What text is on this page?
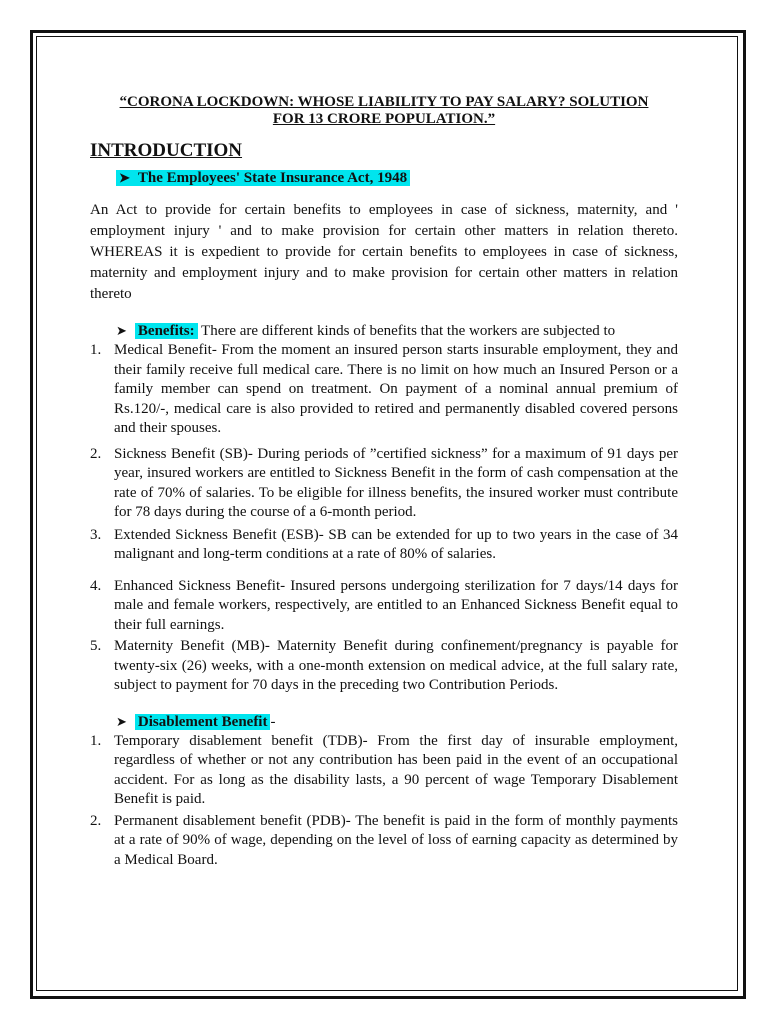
“CORONA LOCKDOWN: WHOSE LIABILITY TO PAY SALARY? SOLUTION
FOR 13 CRORE POPULATION.”

INTRODUCTION
➤ The Employees' State Insurance Act, 1948

An Act to provide for certain benefits to employees in case of sickness, maternity, and ' employment injury ' and to make provision for certain other matters in relation thereto. WHEREAS it is expedient to provide for certain benefits to employees in case of sickness, maternity and employment injury and to make provision for certain other matters in relation thereto

➤ Benefits: There are different kinds of benefits that the workers are subjected to
1. Medical Benefit- From the moment an insured person starts insurable employment, they and their family receive full medical care. There is no limit on how much an Insured Person or a family member can spend on treatment. On payment of a nominal annual premium of Rs.120/-, medical care is also provided to retired and permanently disabled covered persons and their spouses.
2. Sickness Benefit (SB)- During periods of ”certified sickness” for a maximum of 91 days per year, insured workers are entitled to Sickness Benefit in the form of cash compensation at the rate of 70% of salaries. To be eligible for illness benefits, the insured worker must contribute for 78 days during the course of a 6-month period.
3. Extended Sickness Benefit (ESB)- SB can be extended for up to two years in the case of 34 malignant and long-term conditions at a rate of 80% of salaries.
4. Enhanced Sickness Benefit- Insured persons undergoing sterilization for 7 days/14 days for male and female workers, respectively, are entitled to an Enhanced Sickness Benefit equal to their full earnings.
5. Maternity Benefit (MB)- Maternity Benefit during confinement/pregnancy is payable for twenty-six (26) weeks, with a one-month extension on medical advice, at the full salary rate, subject to payment for 70 days in the preceding two Contribution Periods.
➤ Disablement Benefit -
1. Temporary disablement benefit (TDB)- From the first day of insurable employment, regardless of whether or not any contribution has been paid in the event of an occupational accident. For as long as the disability lasts, a 90 percent of wage Temporary Disablement Benefit is paid.
2. Permanent disablement benefit (PDB)- The benefit is paid in the form of monthly payments at a rate of 90% of wage, depending on the level of loss of earning capacity as determined by a Medical Board.
